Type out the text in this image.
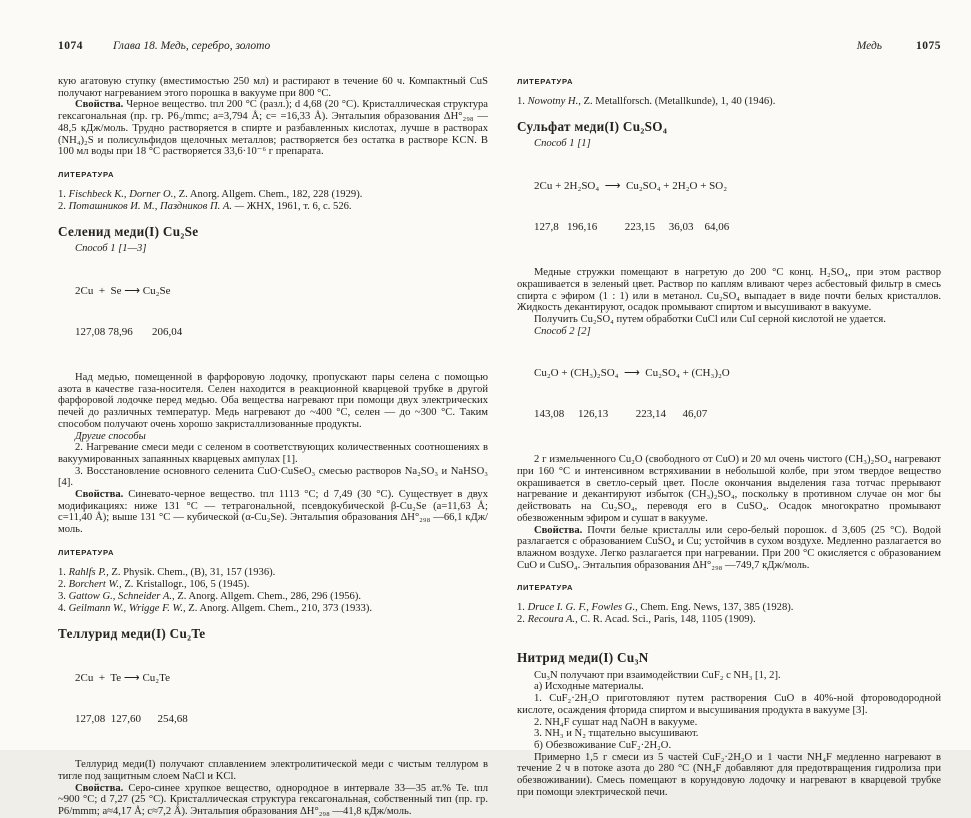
1074	Глава 18. Медь, серебро, золото

кую агатовую ступку (вместимостью 250 мл) и растирают в течение 60 ч. Компактный CuS получают нагреванием этого порошка в вакууме при 800 °C.

Свойства. Черное вещество. tпл 200 °C (разл.); d 4,68 (20 °C). Кристаллическая структура гексагональная (пр. гр. P6₃/mmc; a=3,794 Å; c= =16,33 Å). Энтальпия образования ΔH°₂₉₈ —48,5 кДж/моль. Трудно растворяется в спирте и разбавленных кислотах, лучше в растворах (NH₄)₂S и полисульфидов щелочных металлов; растворяется без остатка в растворе KCN. В 100 мл воды при 18 °C растворяется 33,6·10⁻⁶ г препарата.

ЛИТЕРАТУРА
1. Fischbeck K., Dorner O., Z. Anorg. Allgem. Chem., 182, 228 (1929).
2. Поташников И. М., Паздников П. А. — ЖНХ, 1961, т. 6, с. 526.
Селенид меди(I) Cu₂Se

Способ 1 [1—3]

2Cu  +  Se ⟶ Cu₂Se

127,08 78,96       206,04

Над медью, помещенной в фарфоровую лодочку, пропускают пары селена с помощью азота в качестве газа-носителя. Селен находится в реакционной кварцевой трубке в другой фарфоровой лодочке перед медью. Оба вещества нагревают при помощи двух электрических печей до различных температур. Медь нагревают до ~400 °C, селен — до ~300 °C. Таким способом получают очень хорошо закристаллизованные продукты.

Другие способы

2. Нагревание смеси меди с селеном в соответствующих количественных соотношениях в вакуумированных запаянных кварцевых ампулах [1].

3. Восстановление основного селенита CuO·CuSeO₃ смесью растворов Na₂SO₃ и NaHSO₃ [4].

Свойства. Синевато-черное вещество. tпл 1113 °C; d 7,49 (30 °C). Существует в двух модификациях: ниже 131 °C — тетрагональной, псевдокубической β-Cu₂Se (a=11,63 Å; c=11,40 Å); выше 131 °C — кубической (α-Cu₂Se). Энтальпия образования ΔH°₂₉₈ —66,1 кДж/моль.

ЛИТЕРАТУРА
1. Rahlfs P., Z. Physik. Chem., (B), 31, 157 (1936).
2. Borchert W., Z. Kristallogr., 106, 5 (1945).
3. Gattow G., Schneider A., Z. Anorg. Allgem. Chem., 286, 296 (1956).
4. Geilmann W., Wrigge F. W., Z. Anorg. Allgem. Chem., 210, 373 (1933).
Теллурид меди(I) Cu₂Te

2Cu  +  Te ⟶ Cu₂Te

127,08  127,60      254,68

Теллурид меди(I) получают сплавлением электролитической меди с чистым теллуром в тигле под защитным слоем NaCl и KCl.

Свойства. Серо-синее хрупкое вещество, однородное в интервале 33—35 ат.% Te. tпл ~900 °C; d 7,27 (25 °C). Кристаллическая структура гексагональная, собственный тип (пр. гр. P6/mmm; a≈4,17 Å; c≈7,2 Å). Энтальпия образования ΔH°₂₉₈ —41,8 кДж/моль.

Медь	1075
ЛИТЕРАТУРА
1. Nowotny H., Z. Metallforsch. (Metallkunde), 1, 40 (1946).
Сульфат меди(I) Cu₂SO₄

Способ 1 [1]

2Cu + 2H₂SO₄  ⟶  Cu₂SO₄ + 2H₂O + SO₂

127,8   196,16          223,15     36,03    64,06

Медные стружки помещают в нагретую до 200 °C конц. H₂SO₄, при этом раствор окрашивается в зеленый цвет. Раствор по каплям вливают через асбестовый фильтр в смесь спирта с эфиром (1 : 1) или в метанол. Cu₂SO₄ выпадает в виде почти белых кристаллов. Жидкость декантируют, осадок промывают спиртом и высушивают в вакууме.

Получить Cu₂SO₄ путем обработки CuCl или CuI серной кислотой не удается.

Способ 2 [2]

Cu₂O + (CH₃)₂SO₄  ⟶  Cu₂SO₄ + (CH₃)₂O

143,08     126,13          223,14      46,07

2 г измельченного Cu₂O (свободного от CuO) и 20 мл очень чистого (CH₃)₂SO₄ нагревают при 160 °C и интенсивном встряхивании в небольшой колбе, при этом твердое вещество окрашивается в светло-серый цвет. После окончания выделения газа тотчас прерывают нагревание и декантируют избыток (CH₃)₂SO₄, поскольку в противном случае он мог бы действовать на Cu₂SO₄, переводя его в CuSO₄. Осадок многократно промывают обезвоженным эфиром и сушат в вакууме.

Свойства. Почти белые кристаллы или серо-белый порошок. d 3,605 (25 °C). Водой разлагается с образованием CuSO₄ и Cu; устойчив в сухом воздухе. Медленно разлагается во влажном воздухе. Легко разлагается при нагревании. При 200 °C окисляется с образованием CuO и CuSO₄. Энтальпия образования ΔH°₂₉₈ —749,7 кДж/моль.

ЛИТЕРАТУРА
1. Druce I. G. F., Fowles G., Chem. Eng. News, 137, 385 (1928).
2. Recoura A., C. R. Acad. Sci., Paris, 148, 1105 (1909).
Нитрид меди(I) Cu₃N

Cu₃N получают при взаимодействии CuF₂ с NH₃ [1, 2].

а) Исходные материалы.

1. CuF₂·2H₂O приготовляют путем растворения CuO в 40%-ной фтороводородной кислоте, осаждения фторида спиртом и высушивания продукта в вакууме [3].

2. NH₄F сушат над NaOH в вакууме.

3. NH₃ и N₂ тщательно высушивают.

б) Обезвоживание CuF₂·2H₂O.

Примерно 1,5 г смеси из 5 частей CuF₂·2H₂O и 1 части NH₄F медленно нагревают в течение 2 ч в потоке азота до 280 °C (NH₄F добавляют для предотвращения гидролиза при обезвоживании). Смесь помещают в корундовую лодочку и нагревают в кварцевой трубке при помощи электрической печи.
